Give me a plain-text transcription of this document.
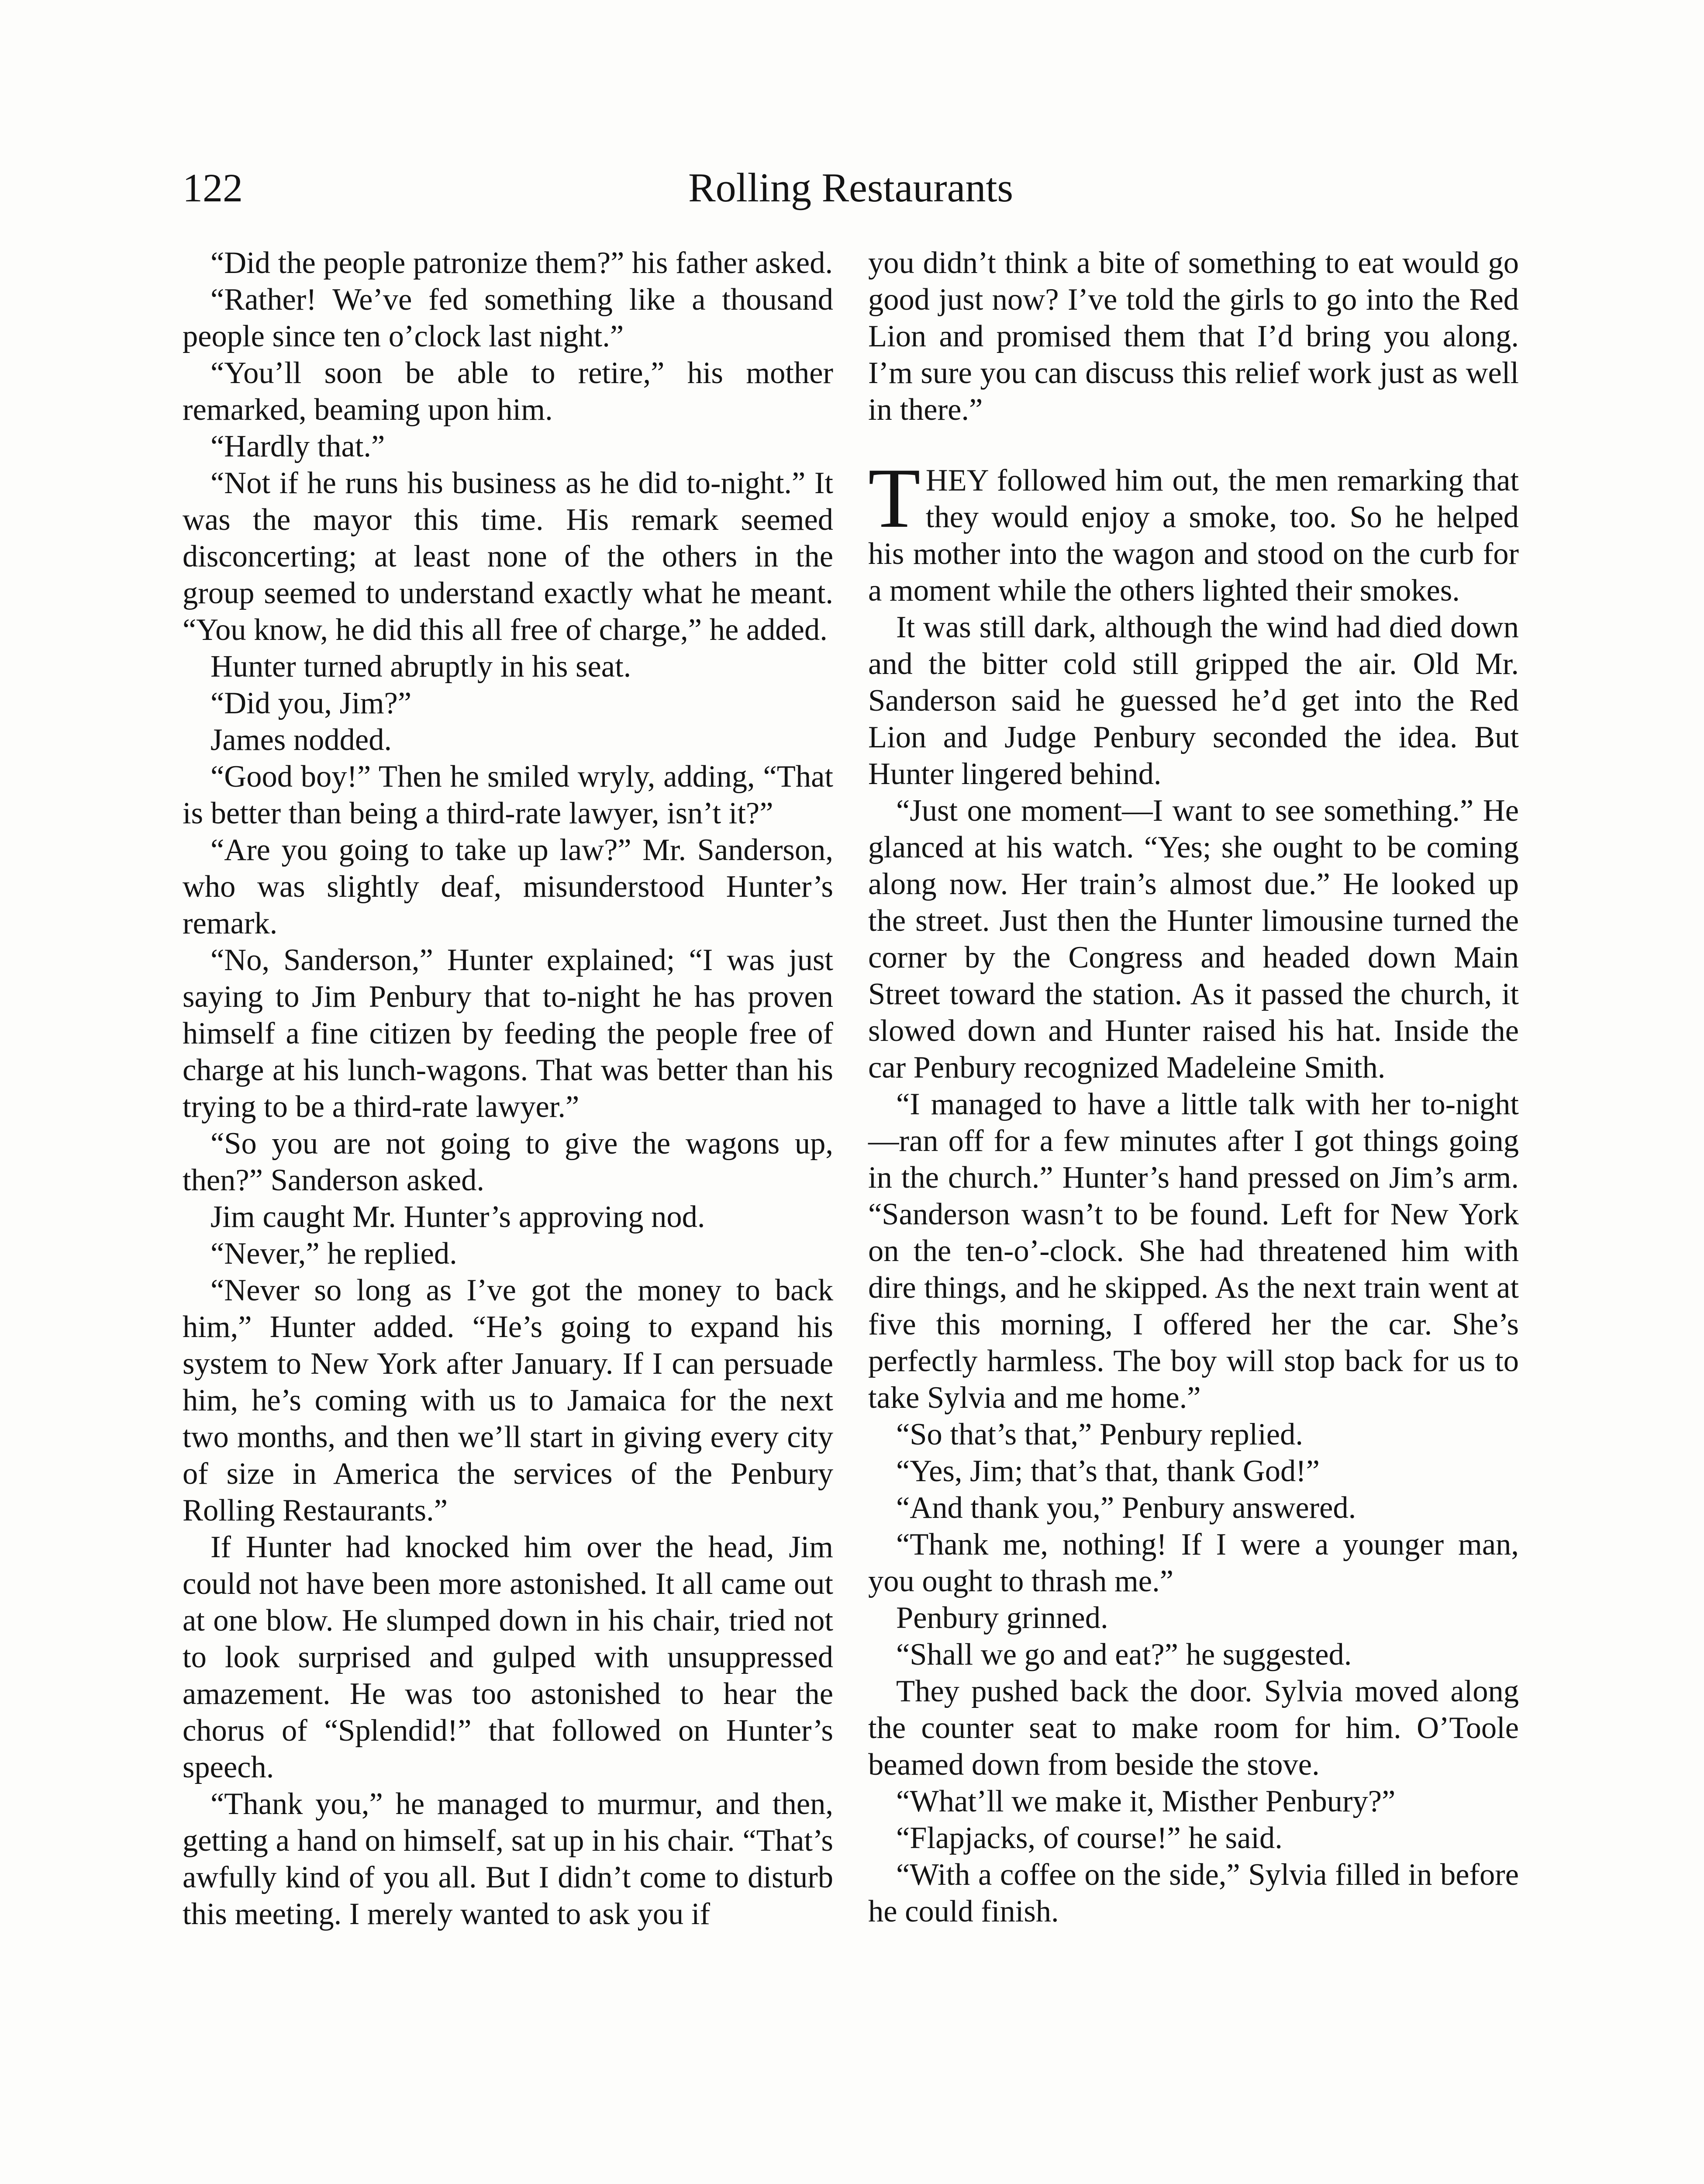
122	Rolling Restaurants

“Did the people patronize them?” his father asked.

“Rather! We’ve fed something like a thousand people since ten o’clock last night.”

“You’ll soon be able to retire,” his mother remarked, beaming upon him.

“Hardly that.”

“Not if he runs his business as he did to-night.” It was the mayor this time. His remark seemed disconcerting; at least none of the others in the group seemed to understand exactly what he meant. “You know, he did this all free of charge,” he added.

Hunter turned abruptly in his seat.

“Did you, Jim?”

James nodded.

“Good boy!” Then he smiled wryly, adding, “That is better than being a third-rate lawyer, isn’t it?”

“Are you going to take up law?” Mr. Sanderson, who was slightly deaf, misunderstood Hunter’s remark.

“No, Sanderson,” Hunter explained; “I was just saying to Jim Penbury that to-night he has proven himself a fine citizen by feeding the people free of charge at his lunch-wagons. That was better than his trying to be a third-rate lawyer.”

“So you are not going to give the wagons up, then?” Sanderson asked.

Jim caught Mr. Hunter’s approving nod.

“Never,” he replied.

“Never so long as I’ve got the money to back him,” Hunter added. “He’s going to expand his system to New York after January. If I can persuade him, he’s coming with us to Jamaica for the next two months, and then we’ll start in giving every city of size in America the services of the Penbury Rolling Restaurants.”

If Hunter had knocked him over the head, Jim could not have been more astonished. It all came out at one blow. He slumped down in his chair, tried not to look surprised and gulped with unsuppressed amazement. He was too astonished to hear the chorus of “Splendid!” that followed on Hunter’s speech.

“Thank you,” he managed to murmur, and then, getting a hand on himself, sat up in his chair. “That’s awfully kind of you all. But I didn’t come to disturb this meeting. I merely wanted to ask you if

you didn’t think a bite of something to eat would go good just now? I’ve told the girls to go into the Red Lion and promised them that I’d bring you along. I’m sure you can discuss this relief work just as well in there.”

THEY followed him out, the men remarking that they would enjoy a smoke, too. So he helped his mother into the wagon and stood on the curb for a moment while the others lighted their smokes.

It was still dark, although the wind had died down and the bitter cold still gripped the air. Old Mr. Sanderson said he guessed he’d get into the Red Lion and Judge Penbury seconded the idea. But Hunter lingered behind.

“Just one moment—I want to see something.” He glanced at his watch. “Yes; she ought to be coming along now. Her train’s almost due.” He looked up the street. Just then the Hunter limousine turned the corner by the Congress and headed down Main Street toward the station. As it passed the church, it slowed down and Hunter raised his hat. Inside the car Penbury recognized Madeleine Smith.

“I managed to have a little talk with her to-night—ran off for a few minutes after I got things going in the church.” Hunter’s hand pressed on Jim’s arm. “Sanderson wasn’t to be found. Left for New York on the ten-o’-clock. She had threatened him with dire things, and he skipped. As the next train went at five this morning, I offered her the car. She’s perfectly harmless. The boy will stop back for us to take Sylvia and me home.”

“So that’s that,” Penbury replied.

“Yes, Jim; that’s that, thank God!”

“And thank you,” Penbury answered.

“Thank me, nothing! If I were a younger man, you ought to thrash me.”

Penbury grinned.

“Shall we go and eat?” he suggested.

They pushed back the door. Sylvia moved along the counter seat to make room for him. O’Toole beamed down from beside the stove.

“What’ll we make it, Misther Penbury?”

“Flapjacks, of course!” he said.

“With a coffee on the side,” Sylvia filled in before he could finish.
